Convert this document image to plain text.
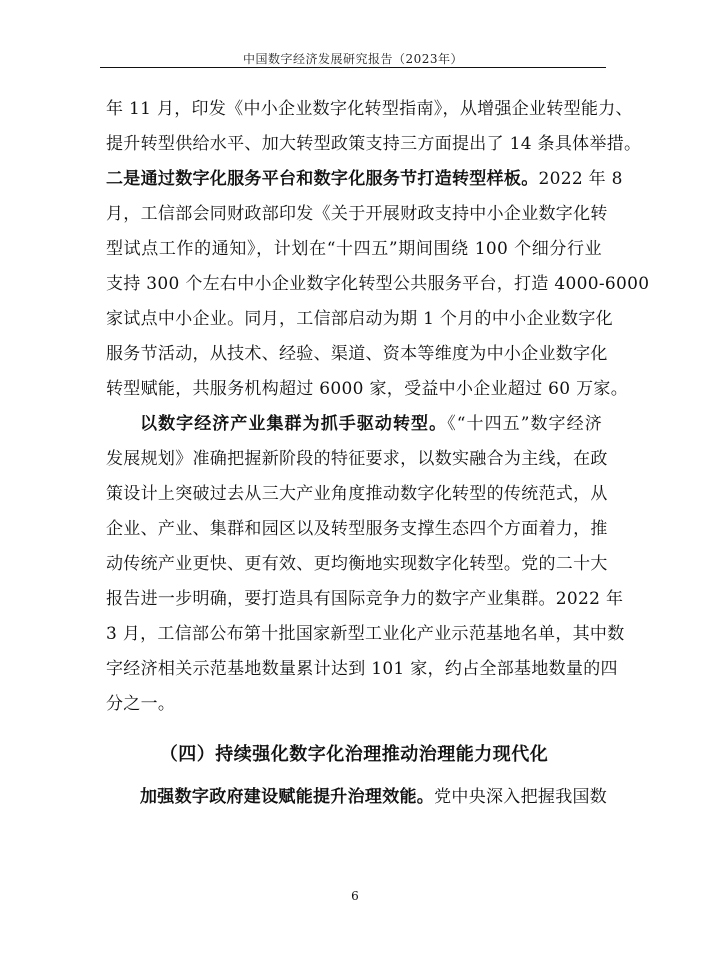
中国数字经济发展研究报告（2023年）
年 11 月，印发《中小企业数字化转型指南》，从增强企业转型能力、
提升转型供给水平、加大转型政策支持三方面提出了 14 条具体举措。
二是通过数字化服务平台和数字化服务节打造转型样板。2022 年 8
月，工信部会同财政部印发《关于开展财政支持中小企业数字化转
型试点工作的通知》，计划在“十四五”期间围绕 100 个细分行业
支持 300 个左右中小企业数字化转型公共服务平台，打造 4000-6000
家试点中小企业。同月，工信部启动为期 1 个月的中小企业数字化
服务节活动，从技术、经验、渠道、资本等维度为中小企业数字化
转型赋能，共服务机构超过 6000 家，受益中小企业超过 60 万家。
以数字经济产业集群为抓手驱动转型。《“十四五”数字经济
发展规划》准确把握新阶段的特征要求，以数实融合为主线，在政
策设计上突破过去从三大产业角度推动数字化转型的传统范式，从
企业、产业、集群和园区以及转型服务支撑生态四个方面着力，推
动传统产业更快、更有效、更均衡地实现数字化转型。党的二十大
报告进一步明确，要打造具有国际竞争力的数字产业集群。2022 年
3 月，工信部公布第十批国家新型工业化产业示范基地名单，其中数
字经济相关示范基地数量累计达到 101 家，约占全部基地数量的四
分之一。
（四）持续强化数字化治理推动治理能力现代化
加强数字政府建设赋能提升治理效能。党中央深入把握我国数
6
